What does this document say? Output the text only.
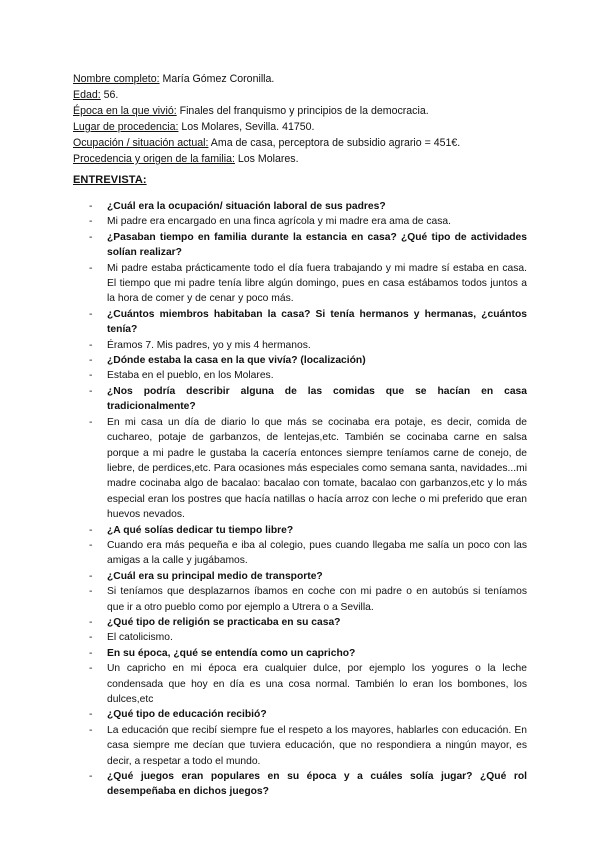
Nombre completo: María Gómez Coronilla.
Edad: 56.
Época en la que vivió: Finales del franquismo y principios de la democracia.
Lugar de procedencia: Los Molares, Sevilla. 41750.
Ocupación / situación actual: Ama de casa, perceptora de subsidio agrario = 451€.
Procedencia y origen de la familia: Los Molares.
ENTREVISTA:
- ¿Cuál era la ocupación/ situación laboral de sus padres?
- Mi padre era encargado en una finca agrícola y mi madre era ama de casa.
- ¿Pasaban tiempo en familia durante la estancia en casa? ¿Qué tipo de actividades solían realizar?
- Mi padre estaba prácticamente todo el día fuera trabajando y mi madre sí estaba en casa. El tiempo que mi padre tenía libre algún domingo, pues en casa estábamos todos juntos a la hora de comer y de cenar y poco más.
- ¿Cuántos miembros habitaban la casa? Si tenía hermanos y hermanas, ¿cuántos tenía?
- Éramos 7. Mis padres, yo y mis 4 hermanos.
- ¿Dónde estaba la casa en la que vivía? (localización)
- Estaba en el pueblo, en los Molares.
- ¿Nos podría describir alguna de las comidas que se hacían en casa tradicionalmente?
- En mi casa un día de diario lo que más se cocinaba era potaje, es decir, comida de cuchareo, potaje de garbanzos, de lentejas,etc. También se cocinaba carne en salsa porque a mi padre le gustaba la cacería entonces siempre teníamos carne de conejo, de liebre, de perdices,etc. Para ocasiones más especiales como semana santa, navidades...mi madre cocinaba algo de bacalao: bacalao con tomate, bacalao con garbanzos,etc y lo más especial eran los postres que hacía natillas o hacía arroz con leche o mi preferido que eran huevos nevados.
- ¿A qué solías dedicar tu tiempo libre?
- Cuando era más pequeña e iba al colegio, pues cuando llegaba me salía un poco con las amigas a la calle y jugábamos.
- ¿Cuál era su principal medio de transporte?
- Si teníamos que desplazarnos íbamos en coche con mi padre o en autobús si teníamos que ir a otro pueblo como por ejemplo a Utrera o a Sevilla.
- ¿Qué tipo de religión se practicaba en su casa?
- El catolicismo.
- En su época, ¿qué se entendía como un capricho?
- Un capricho en mi época era cualquier dulce, por ejemplo los yogures o la leche condensada que hoy en día es una cosa normal. También lo eran los bombones, los dulces,etc
- ¿Qué tipo de educación recibió?
- La educación que recibí siempre fue el respeto a los mayores, hablarles con educación. En casa siempre me decían que tuviera educación, que no respondiera a ningún mayor, es decir, a respetar a todo el mundo.
- ¿Qué juegos eran populares en su época y a cuáles solía jugar? ¿Qué rol desempeñaba en dichos juegos?
